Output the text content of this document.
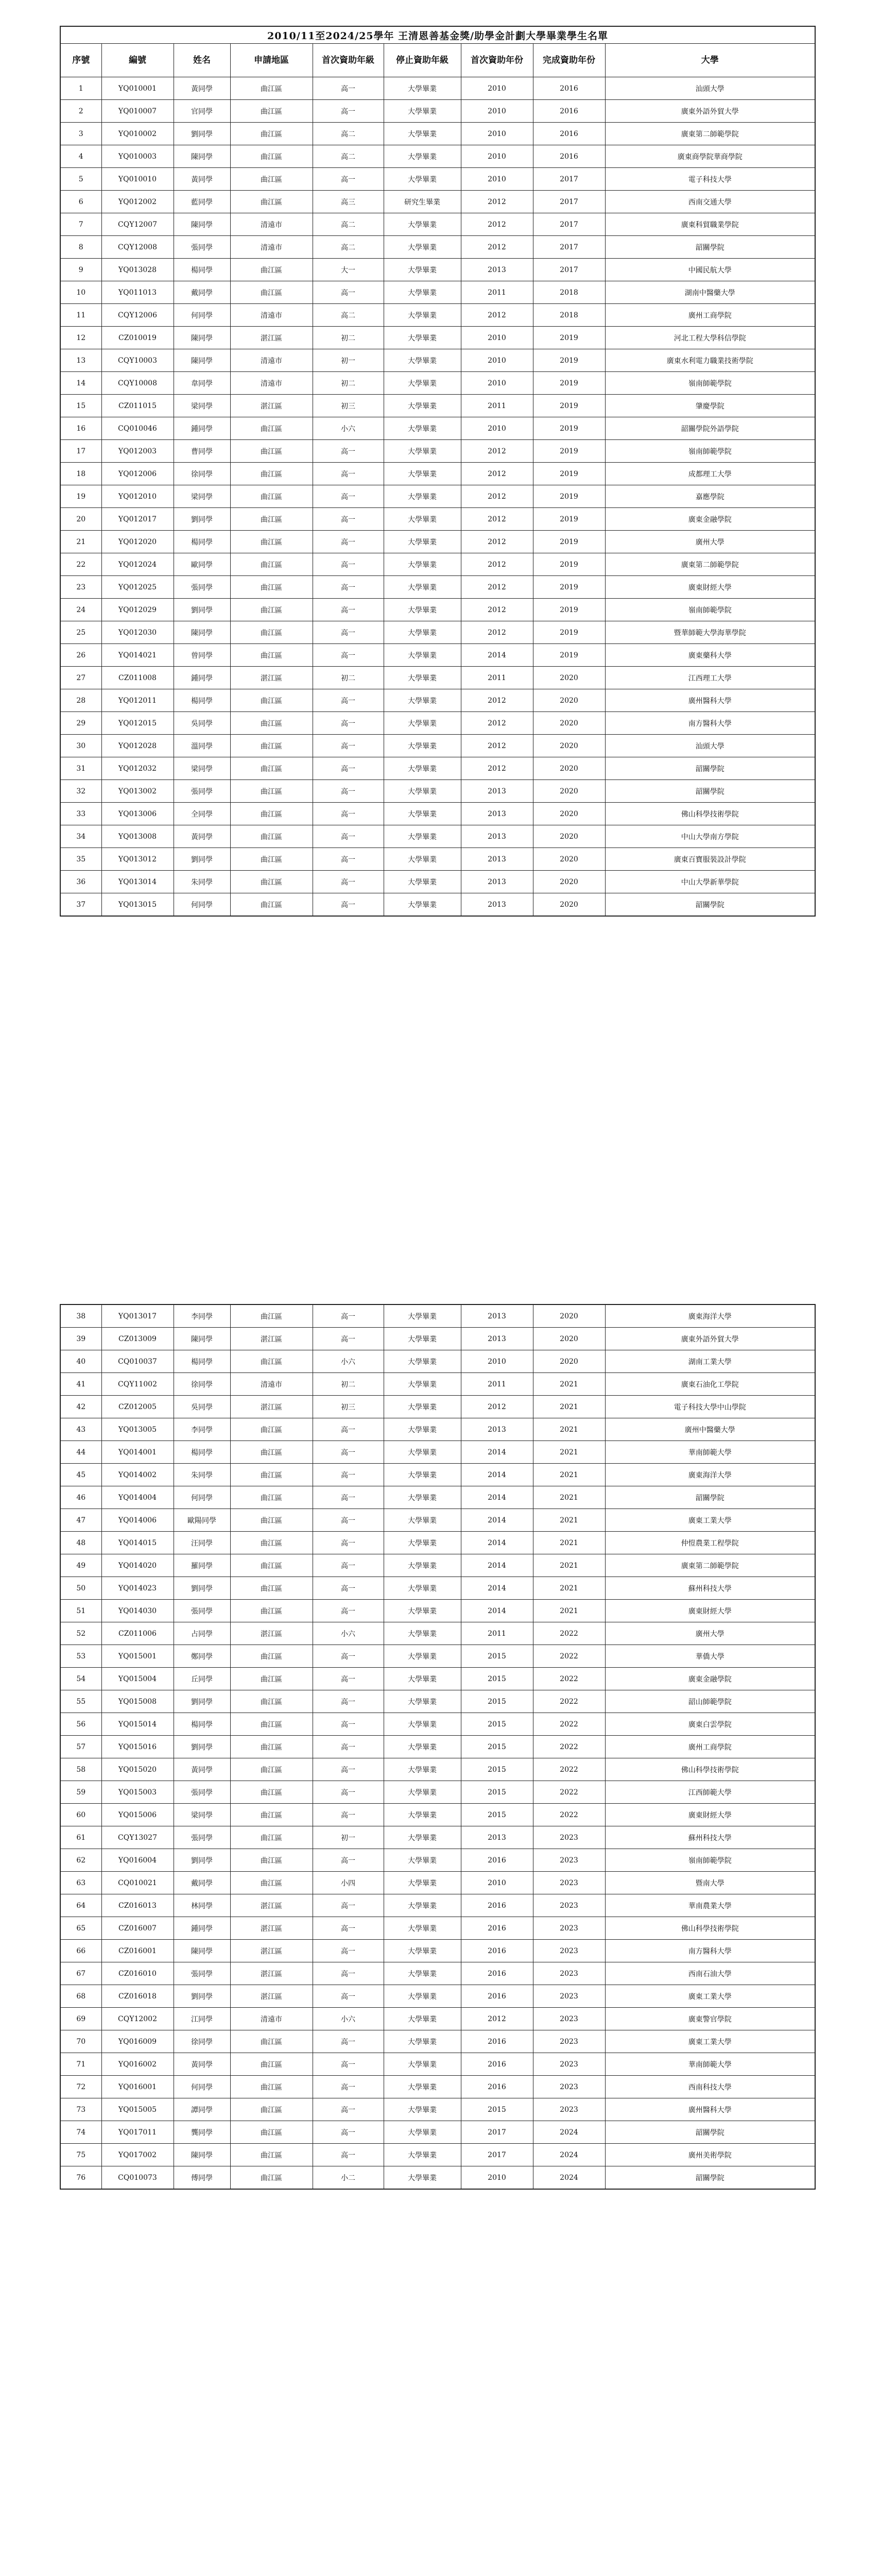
2010/11至2024/25學年 王清恩善基金獎/助學金計劃大學畢業學生名單								
序號	編號	姓名	申請地區	首次資助年級	停止資助年級	首次資助年份	完成資助年份	大學
1	YQ010001	黃同學	曲江區	高一	大學畢業	2010	2016	汕頭大學
2	YQ010007	官同學	曲江區	高一	大學畢業	2010	2016	廣東外語外貿大學
3	YQ010002	劉同學	曲江區	高二	大學畢業	2010	2016	廣東第二師範學院
4	YQ010003	陳同學	曲江區	高二	大學畢業	2010	2016	廣東商學院華商學院
5	YQ010010	黃同學	曲江區	高一	大學畢業	2010	2017	電子科技大學
6	YQ012002	藍同學	曲江區	高三	研究生畢業	2012	2017	西南交通大學
7	CQY12007	陳同學	清遠市	高二	大學畢業	2012	2017	廣東科貿職業學院
8	CQY12008	張同學	清遠市	高二	大學畢業	2012	2017	韶關學院
9	YQ013028	楊同學	曲江區	大一	大學畢業	2013	2017	中國民航大學
10	YQ011013	戴同學	曲江區	高一	大學畢業	2011	2018	湖南中醫藥大學
11	CQY12006	何同學	清遠市	高二	大學畢業	2012	2018	廣州工商學院
12	CZ010019	陳同學	湛江區	初二	大學畢業	2010	2019	河北工程大學科信學院
13	CQY10003	陳同學	清遠市	初一	大學畢業	2010	2019	廣東水利電力職業技術學院
14	CQY10008	韋同學	清遠市	初二	大學畢業	2010	2019	嶺南師範學院
15	CZ011015	梁同學	湛江區	初三	大學畢業	2011	2019	肇慶學院
16	CQ010046	鍾同學	曲江區	小六	大學畢業	2010	2019	韶關學院外語學院
17	YQ012003	曹同學	曲江區	高一	大學畢業	2012	2019	嶺南師範學院
18	YQ012006	徐同學	曲江區	高一	大學畢業	2012	2019	成都理工大學
19	YQ012010	梁同學	曲江區	高一	大學畢業	2012	2019	嘉應學院
20	YQ012017	劉同學	曲江區	高一	大學畢業	2012	2019	廣東金融學院
21	YQ012020	楊同學	曲江區	高一	大學畢業	2012	2019	廣州大學
22	YQ012024	歐同學	曲江區	高一	大學畢業	2012	2019	廣東第二師範學院
23	YQ012025	張同學	曲江區	高一	大學畢業	2012	2019	廣東財經大學
24	YQ012029	劉同學	曲江區	高一	大學畢業	2012	2019	嶺南師範學院
25	YQ012030	陳同學	曲江區	高一	大學畢業	2012	2019	暨華師範大學海華學院
26	YQ014021	曾同學	曲江區	高一	大學畢業	2014	2019	廣東藥科大學
27	CZ011008	鍾同學	湛江區	初二	大學畢業	2011	2020	江西理工大學
28	YQ012011	楊同學	曲江區	高一	大學畢業	2012	2020	廣州醫科大學
29	YQ012015	吳同學	曲江區	高一	大學畢業	2012	2020	南方醫科大學
30	YQ012028	溫同學	曲江區	高一	大學畢業	2012	2020	汕頭大學
31	YQ012032	梁同學	曲江區	高一	大學畢業	2012	2020	韶關學院
32	YQ013002	張同學	曲江區	高一	大學畢業	2013	2020	韶關學院
33	YQ013006	全同學	曲江區	高一	大學畢業	2013	2020	佛山科學技術學院
34	YQ013008	黃同學	曲江區	高一	大學畢業	2013	2020	中山大學南方學院
35	YQ013012	劉同學	曲江區	高一	大學畢業	2013	2020	廣東百寶服裝設計學院
36	YQ013014	朱同學	曲江區	高一	大學畢業	2013	2020	中山大學新華學院
37	YQ013015	何同學	曲江區	高一	大學畢業	2013	2020	韶關學院
38	YQ013017	李同學	曲江區	高一	大學畢業	2013	2020	廣東海洋大學
39	CZ013009	陳同學	湛江區	高一	大學畢業	2013	2020	廣東外語外貿大學
40	CQ010037	楊同學	曲江區	小六	大學畢業	2010	2020	湖南工業大學
41	CQY11002	徐同學	清遠市	初二	大學畢業	2011	2021	廣東石油化工學院
42	CZ012005	吳同學	湛江區	初三	大學畢業	2012	2021	電子科技大學中山學院
43	YQ013005	李同學	曲江區	高一	大學畢業	2013	2021	廣州中醫藥大學
44	YQ014001	楊同學	曲江區	高一	大學畢業	2014	2021	華南師範大學
45	YQ014002	朱同學	曲江區	高一	大學畢業	2014	2021	廣東海洋大學
46	YQ014004	何同學	曲江區	高一	大學畢業	2014	2021	韶關學院
47	YQ014006	歐陽同學	曲江區	高一	大學畢業	2014	2021	廣東工業大學
48	YQ014015	汪同學	曲江區	高一	大學畢業	2014	2021	仲愷農業工程學院
49	YQ014020	羅同學	曲江區	高一	大學畢業	2014	2021	廣東第二師範學院
50	YQ014023	劉同學	曲江區	高一	大學畢業	2014	2021	蘇州科技大學
51	YQ014030	張同學	曲江區	高一	大學畢業	2014	2021	廣東財經大學
52	CZ011006	占同學	湛江區	小六	大學畢業	2011	2022	廣州大學
53	YQ015001	鄭同學	曲江區	高一	大學畢業	2015	2022	華僑大學
54	YQ015004	丘同學	曲江區	高一	大學畢業	2015	2022	廣東金融學院
55	YQ015008	劉同學	曲江區	高一	大學畢業	2015	2022	韶山師範學院
56	YQ015014	楊同學	曲江區	高一	大學畢業	2015	2022	廣東白雲學院
57	YQ015016	劉同學	曲江區	高一	大學畢業	2015	2022	廣州工商學院
58	YQ015020	黃同學	曲江區	高一	大學畢業	2015	2022	佛山科學技術學院
59	YQ015003	張同學	曲江區	高一	大學畢業	2015	2022	江西師範大學
60	YQ015006	梁同學	曲江區	高一	大學畢業	2015	2022	廣東財經大學
61	CQY13027	張同學	曲江區	初一	大學畢業	2013	2023	蘇州科技大學
62	YQ016004	劉同學	曲江區	高一	大學畢業	2016	2023	嶺南師範學院
63	CQ010021	戴同學	曲江區	小四	大學畢業	2010	2023	暨南大學
64	CZ016013	林同學	湛江區	高一	大學畢業	2016	2023	華南農業大學
65	CZ016007	鍾同學	湛江區	高一	大學畢業	2016	2023	佛山科學技術學院
66	CZ016001	陳同學	湛江區	高一	大學畢業	2016	2023	南方醫科大學
67	CZ016010	張同學	湛江區	高一	大學畢業	2016	2023	西南石油大學
68	CZ016018	劉同學	湛江區	高一	大學畢業	2016	2023	廣東工業大學
69	CQY12002	江同學	清遠市	小六	大學畢業	2012	2023	廣東警官學院
70	YQ016009	徐同學	曲江區	高一	大學畢業	2016	2023	廣東工業大學
71	YQ016002	黃同學	曲江區	高一	大學畢業	2016	2023	華南師範大學
72	YQ016001	何同學	曲江區	高一	大學畢業	2016	2023	西南科技大學
73	YQ015005	譚同學	曲江區	高一	大學畢業	2015	2023	廣州醫科大學
74	YQ017011	龔同學	曲江區	高一	大學畢業	2017	2024	韶關學院
75	YQ017002	陳同學	曲江區	高一	大學畢業	2017	2024	廣州美術學院
76	CQ010073	傅同學	曲江區	小二	大學畢業	2010	2024	韶關學院
